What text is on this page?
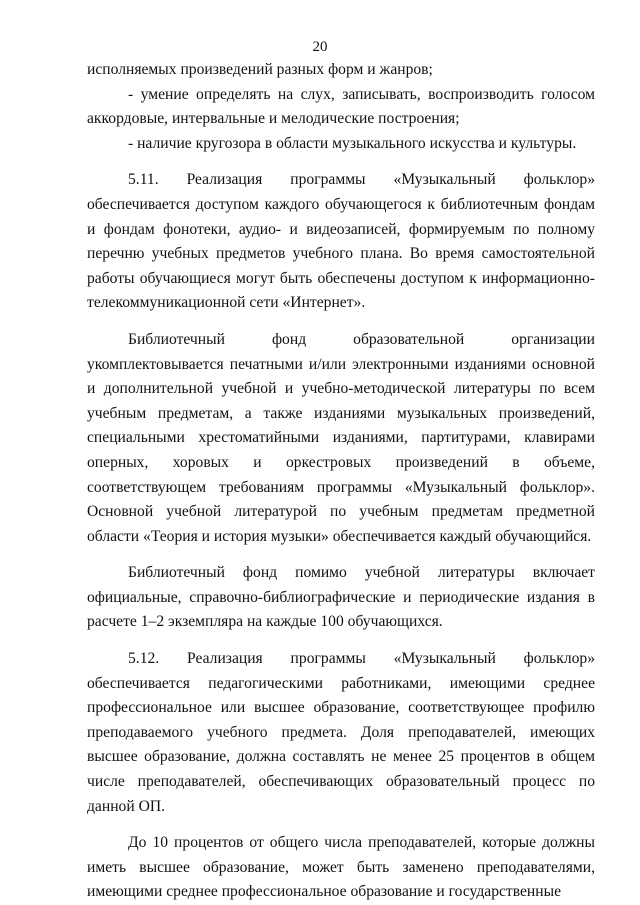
20

исполняемых произведений разных форм и жанров;

- умение определять на слух, записывать, воспроизводить голосом аккордовые, интервальные и мелодические построения;

- наличие кругозора в области музыкального искусства и культуры.

5.11. Реализация программы «Музыкальный фольклор» обеспечивается доступом каждого обучающегося к библиотечным фондам и фондам фонотеки, аудио- и видеозаписей, формируемым по полному перечню учебных предметов учебного плана. Во время самостоятельной работы обучающиеся могут быть обеспечены доступом к информационно-телекоммуникационной сети «Интернет».

Библиотечный фонд образовательной организации укомплектовывается печатными и/или электронными изданиями основной и дополнительной учебной и учебно-методической литературы по всем учебным предметам, а также изданиями музыкальных произведений, специальными хрестоматийными изданиями, партитурами, клавирами оперных, хоровых и оркестровых произведений в объеме, соответствующем требованиям программы «Музыкальный фольклор». Основной учебной литературой по учебным предметам предметной области «Теория и история музыки» обеспечивается каждый обучающийся.

Библиотечный фонд помимо учебной литературы включает официальные, справочно-библиографические и периодические издания в расчете 1–2 экземпляра на каждые 100 обучающихся.

5.12. Реализация программы «Музыкальный фольклор» обеспечивается педагогическими работниками, имеющими среднее профессиональное или высшее образование, соответствующее профилю преподаваемого учебного предмета. Доля преподавателей, имеющих высшее образование, должна составлять не менее 25 процентов в общем числе преподавателей, обеспечивающих образовательный процесс по данной ОП.

До 10 процентов от общего числа преподавателей, которые должны иметь высшее образование, может быть заменено преподавателями, имеющими среднее профессиональное образование и государственные
